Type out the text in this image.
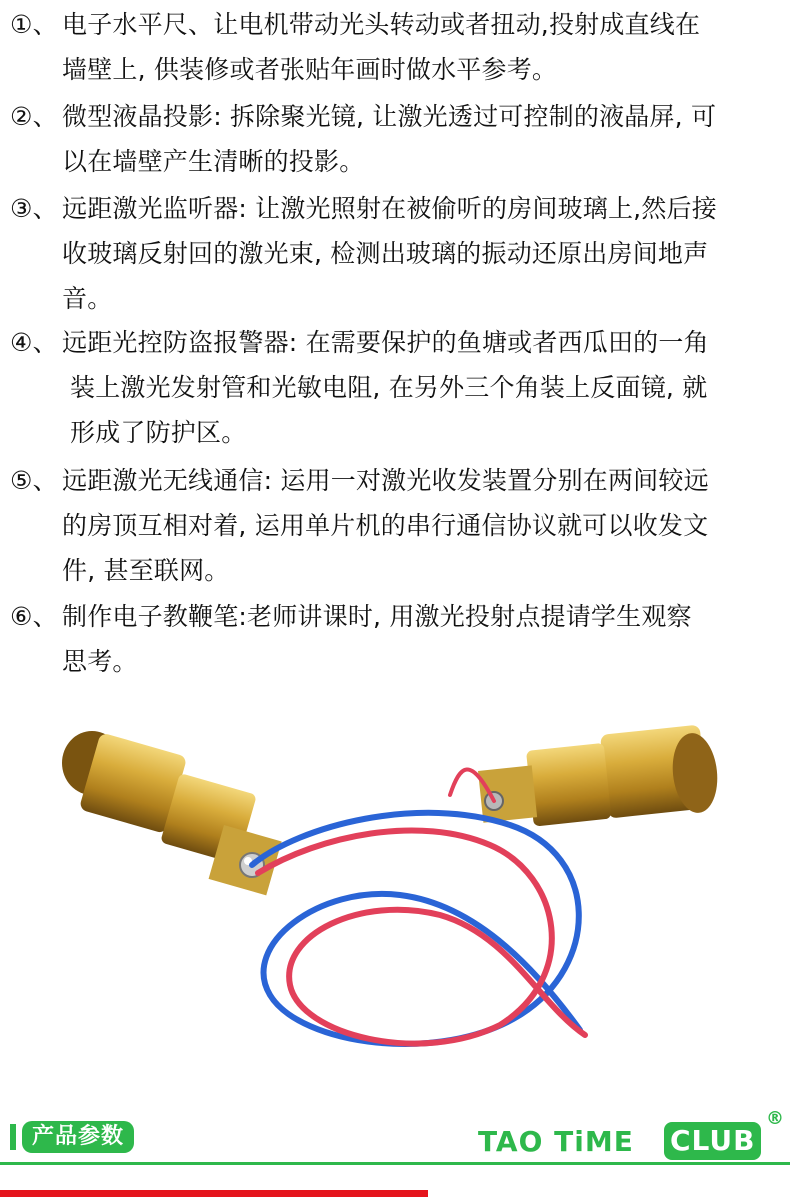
①、 电子水平尺、让电机带动光头转动或者扭动,投射成直线在
墙壁上, 供装修或者张贴年画时做水平参考。
②、 微型液晶投影: 拆除聚光镜, 让激光透过可控制的液晶屏, 可
以在墙壁产生清晰的投影。
③、 远距激光监听器: 让激光照射在被偷听的房间玻璃上,然后接
收玻璃反射回的激光束, 检测出玻璃的振动还原出房间地声
音。
④、 远距光控防盗报警器: 在需要保护的鱼塘或者西瓜田的一角
装上激光发射管和光敏电阻, 在另外三个角装上反面镜, 就
形成了防护区。
⑤、 远距激光无线通信: 运用一对激光收发装置分别在两间较远
的房顶互相对着, 运用单片机的串行通信协议就可以收发文
件, 甚至联网。
⑥、 制作电子教鞭笔:老师讲课时, 用激光投射点提请学生观察
思考。
产品参数	TAO TiME CLUB
®
